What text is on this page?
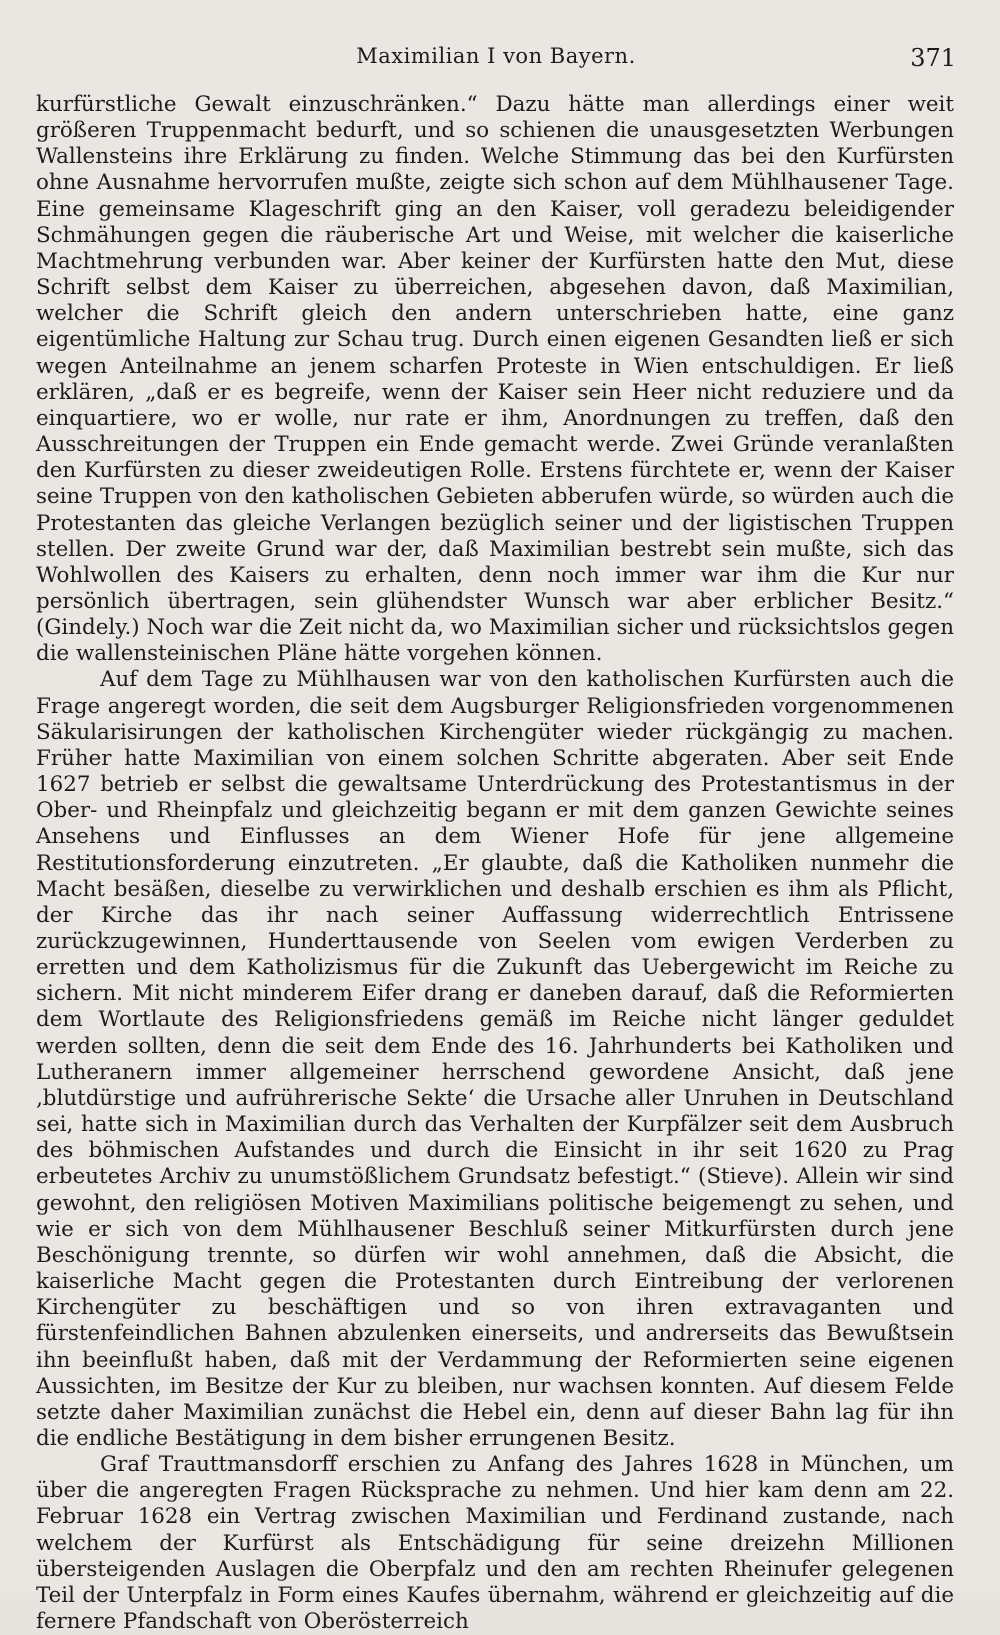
Maximilian I von Bayern.	371

kurfürstliche Gewalt einzuschränken.“ Dazu hätte man allerdings einer weit größeren Truppenmacht bedurft, und so schienen die unausgesetzten Werbungen Wallensteins ihre Erklärung zu finden. Welche Stimmung das bei den Kurfürsten ohne Ausnahme hervorrufen mußte, zeigte sich schon auf dem Mühlhausener Tage. Eine gemeinsame Klageschrift ging an den Kaiser, voll geradezu beleidigender Schmähungen gegen die räuberische Art und Weise, mit welcher die kaiserliche Machtmehrung verbunden war. Aber keiner der Kurfürsten hatte den Mut, diese Schrift selbst dem Kaiser zu überreichen, abgesehen davon, daß Maximilian, welcher die Schrift gleich den andern unterschrieben hatte, eine ganz eigentümliche Haltung zur Schau trug. Durch einen eigenen Gesandten ließ er sich wegen Anteilnahme an jenem scharfen Proteste in Wien entschuldigen. Er ließ erklären, „daß er es begreife, wenn der Kaiser sein Heer nicht reduziere und da einquartiere, wo er wolle, nur rate er ihm, Anordnungen zu treffen, daß den Ausschreitungen der Truppen ein Ende gemacht werde. Zwei Gründe veranlaßten den Kurfürsten zu dieser zweideutigen Rolle. Erstens fürchtete er, wenn der Kaiser seine Truppen von den katholischen Gebieten abberufen würde, so würden auch die Protestanten das gleiche Verlangen bezüglich seiner und der ligistischen Truppen stellen. Der zweite Grund war der, daß Maximilian bestrebt sein mußte, sich das Wohlwollen des Kaisers zu erhalten, denn noch immer war ihm die Kur nur persönlich übertragen, sein glühendster Wunsch war aber erblicher Besitz.“ (Gindely.) Noch war die Zeit nicht da, wo Maximilian sicher und rücksichtslos gegen die wallensteinischen Pläne hätte vorgehen können.

Auf dem Tage zu Mühlhausen war von den katholischen Kurfürsten auch die Frage angeregt worden, die seit dem Augsburger Religionsfrieden vorgenommenen Säkularisirungen der katholischen Kirchengüter wieder rückgängig zu machen. Früher hatte Maximilian von einem solchen Schritte abgeraten. Aber seit Ende 1627 betrieb er selbst die gewaltsame Unterdrückung des Protestantismus in der Ober- und Rheinpfalz und gleichzeitig begann er mit dem ganzen Gewichte seines Ansehens und Einflusses an dem Wiener Hofe für jene allgemeine Restitutionsforderung einzutreten. „Er glaubte, daß die Katholiken nunmehr die Macht besäßen, dieselbe zu verwirklichen und deshalb erschien es ihm als Pflicht, der Kirche das ihr nach seiner Auffassung widerrechtlich Entrissene zurückzugewinnen, Hunderttausende von Seelen vom ewigen Verderben zu erretten und dem Katholizismus für die Zukunft das Uebergewicht im Reiche zu sichern. Mit nicht minderem Eifer drang er daneben darauf, daß die Reformierten dem Wortlaute des Religionsfriedens gemäß im Reiche nicht länger geduldet werden sollten, denn die seit dem Ende des 16. Jahrhunderts bei Katholiken und Lutheranern immer allgemeiner herrschend gewordene Ansicht, daß jene ‚blutdürstige und aufrührerische Sekte‘ die Ursache aller Unruhen in Deutschland sei, hatte sich in Maximilian durch das Verhalten der Kurpfälzer seit dem Ausbruch des böhmischen Aufstandes und durch die Einsicht in ihr seit 1620 zu Prag erbeutetes Archiv zu unumstößlichem Grundsatz befestigt.“ (Stieve). Allein wir sind gewohnt, den religiösen Motiven Maximilians politische beigemengt zu sehen, und wie er sich von dem Mühlhausener Beschluß seiner Mitkurfürsten durch jene Beschönigung trennte, so dürfen wir wohl annehmen, daß die Absicht, die kaiserliche Macht gegen die Protestanten durch Eintreibung der verlorenen Kirchengüter zu beschäftigen und so von ihren extravaganten und fürstenfeindlichen Bahnen abzulenken einerseits, und andrerseits das Bewußtsein ihn beeinflußt haben, daß mit der Verdammung der Reformierten seine eigenen Aussichten, im Besitze der Kur zu bleiben, nur wachsen konnten. Auf diesem Felde setzte daher Maximilian zunächst die Hebel ein, denn auf dieser Bahn lag für ihn die endliche Bestätigung in dem bisher errungenen Besitz.

Graf Trauttmansdorff erschien zu Anfang des Jahres 1628 in München, um über die angeregten Fragen Rücksprache zu nehmen. Und hier kam denn am 22. Februar 1628 ein Vertrag zwischen Maximilian und Ferdinand zustande, nach welchem der Kurfürst als Entschädigung für seine dreizehn Millionen übersteigenden Auslagen die Oberpfalz und den am rechten Rheinufer gelegenen Teil der Unterpfalz in Form eines Kaufes übernahm, während er gleichzeitig auf die fernere Pfandschaft von Oberösterreich
